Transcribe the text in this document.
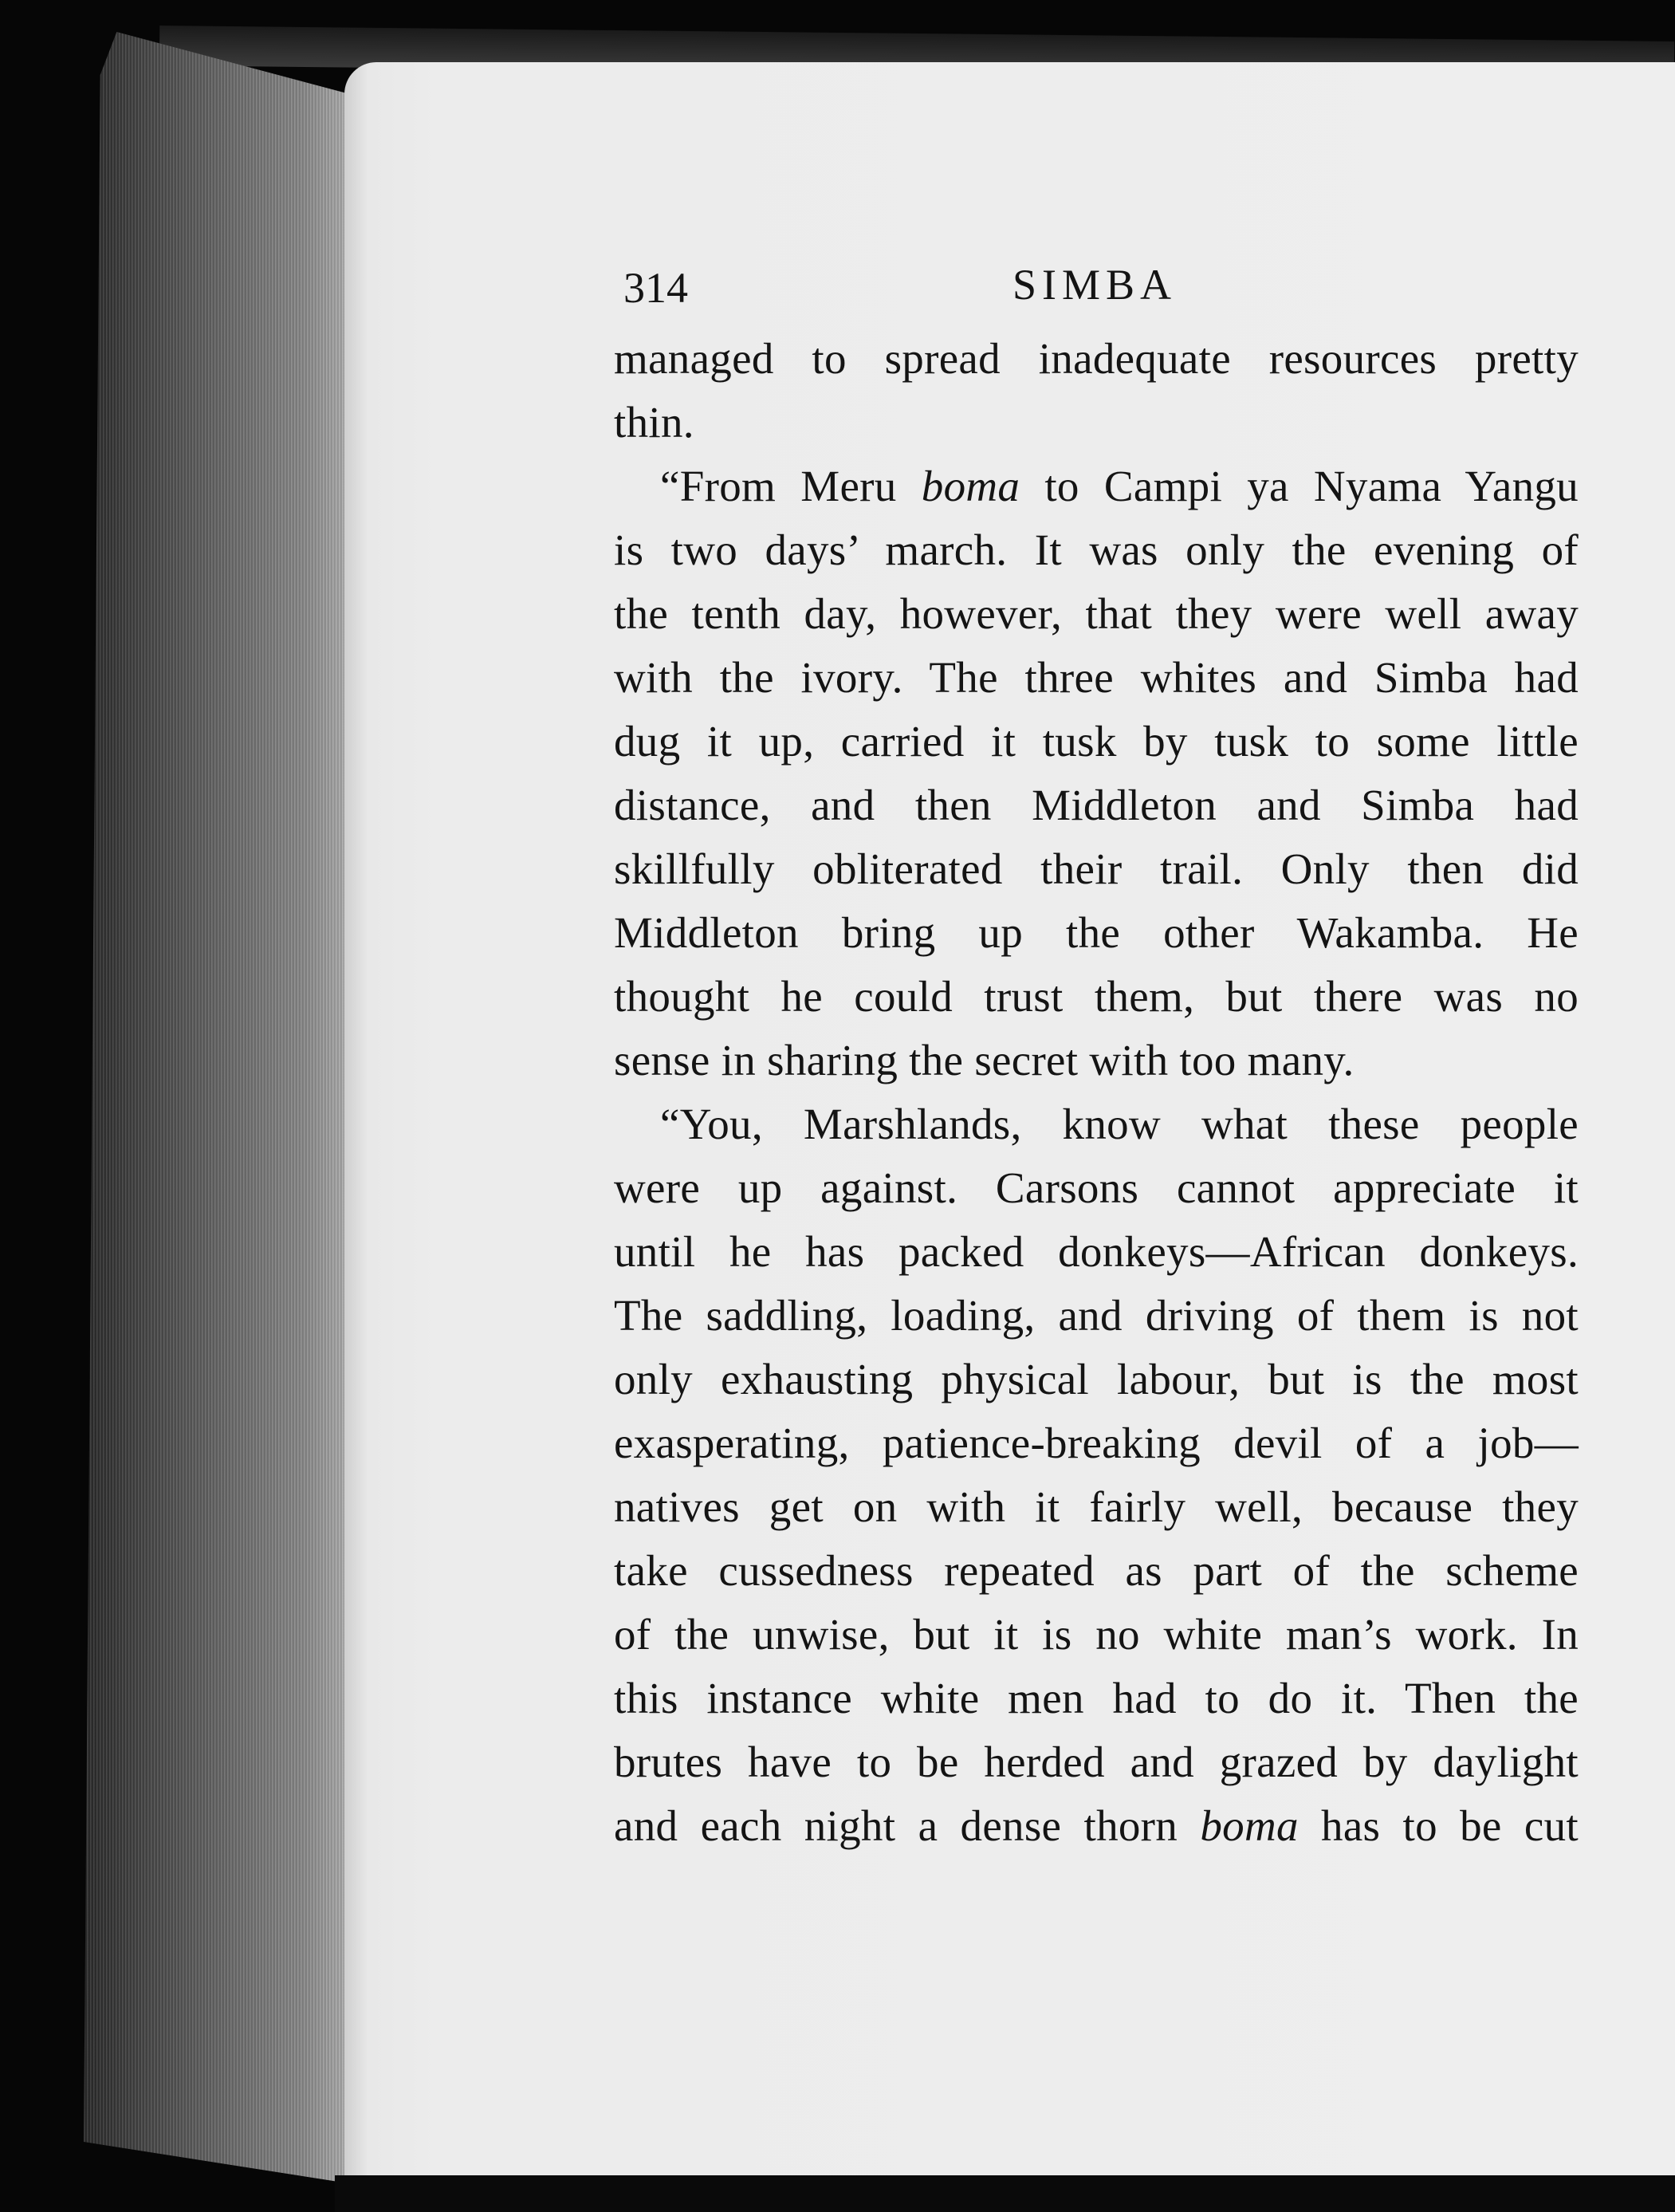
314	SIMBA

managed to spread inadequate resources pretty
thin.

“From Meru boma to Campi ya Nyama Yangu
is two days’ march. It was only the evening of
the tenth day, however, that they were well away
with the ivory. The three whites and Simba had
dug it up, carried it tusk by tusk to some little
distance, and then Middleton and Simba had
skillfully obliterated their trail. Only then did
Middleton bring up the other Wakamba. He
thought he could trust them, but there was no
sense in sharing the secret with too many.

“You, Marshlands, know what these people
were up against. Carsons cannot appreciate it
until he has packed donkeys—African donkeys.
The saddling, loading, and driving of them is not
only exhausting physical labour, but is the most
exasperating, patience-breaking devil of a job—
natives get on with it fairly well, because they
take cussedness repeated as part of the scheme
of the unwise, but it is no white man’s work. In
this instance white men had to do it. Then the
brutes have to be herded and grazed by daylight
and each night a dense thorn boma has to be cut
